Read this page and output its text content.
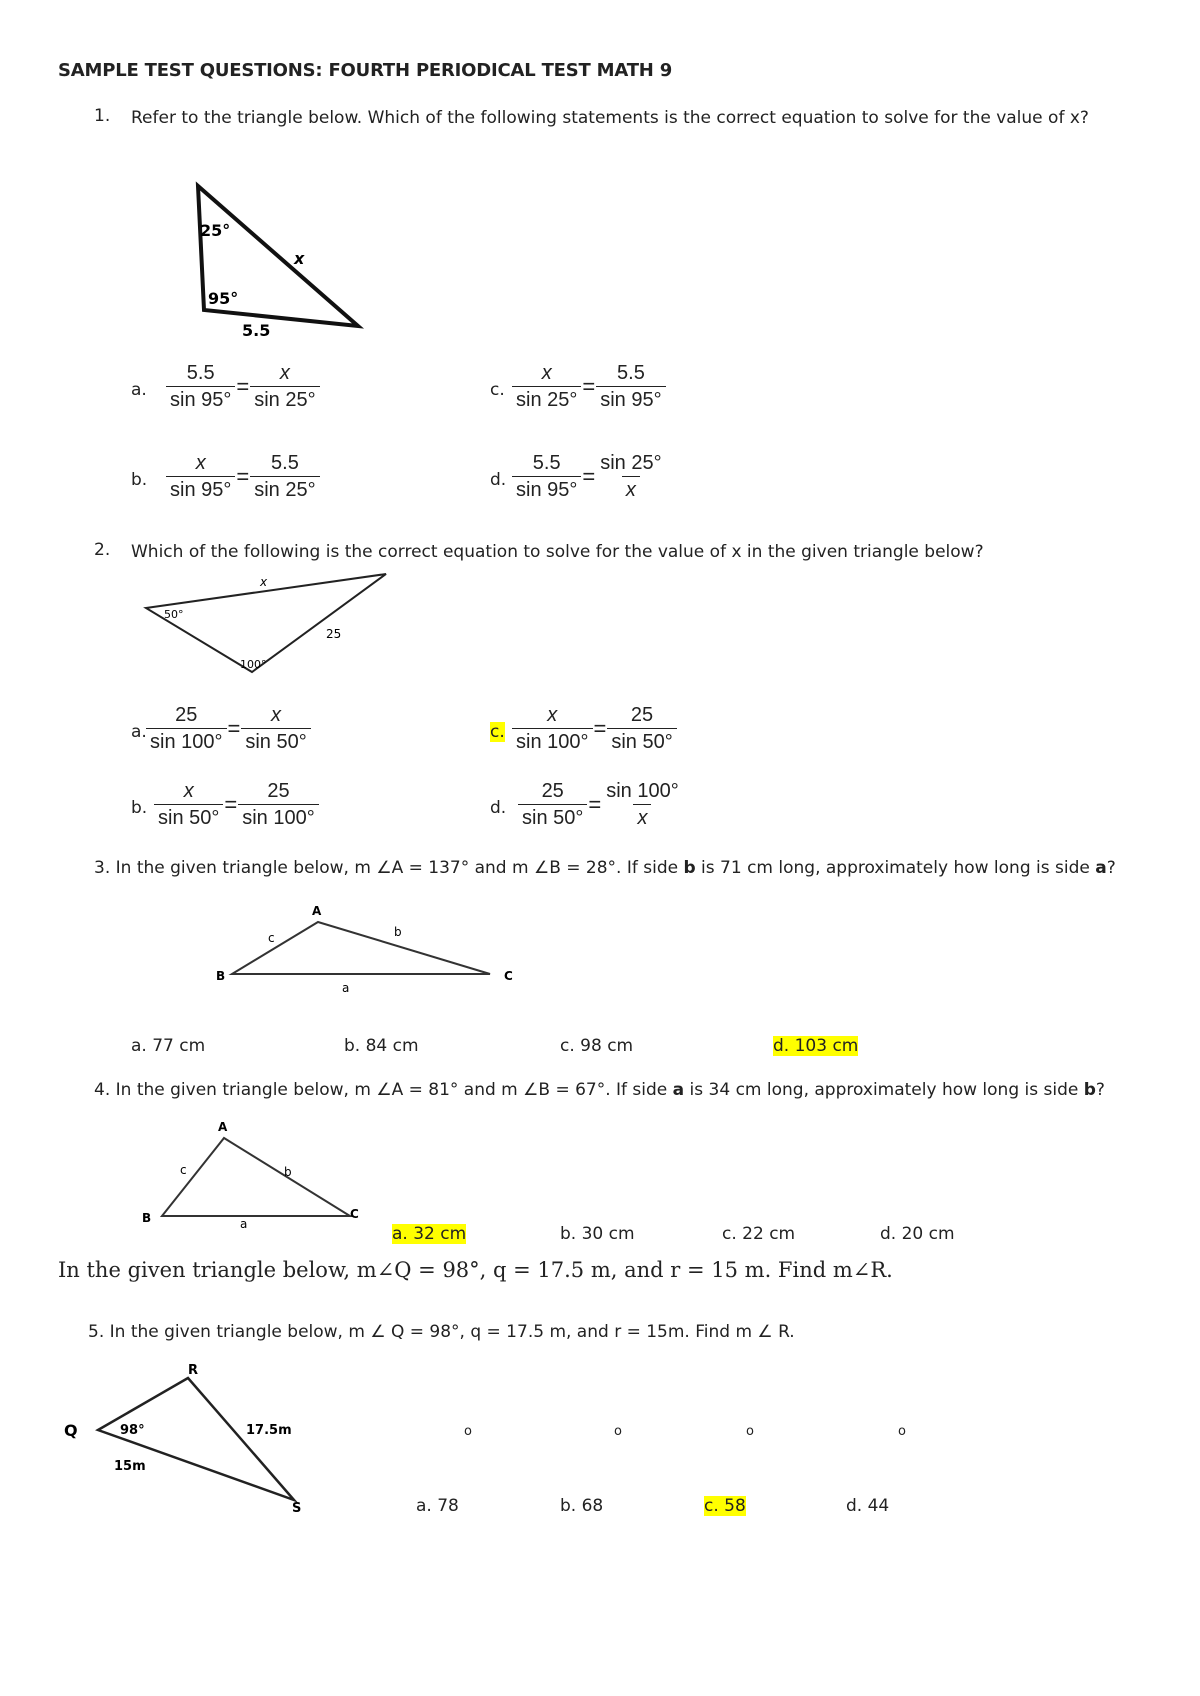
SAMPLE TEST QUESTIONS: FOURTH PERIODICAL TEST MATH 9
1. Refer to the triangle below. Which of the following statements is the correct equation to solve for the value of x?
25°
95°
x
5.5
a. $\frac{5.5}{\sin 95^\circ} = \frac{x}{\sin 25^\circ}$	c. $\frac{x}{\sin 25^\circ} = \frac{5.5}{\sin 95^\circ}$
b. $\frac{x}{\sin 95^\circ} = \frac{5.5}{\sin 25^\circ}$	d. $\frac{5.5}{\sin 95^\circ} = \frac{\sin 25^\circ}{x}$
2. Which of the following is the correct equation to solve for the value of x in the given triangle below?
x
50°
25
100°
a. $\frac{25}{\sin 100^\circ} = \frac{x}{\sin 50^\circ}$	c. $\frac{x}{\sin 100^\circ} = \frac{25}{\sin 50^\circ}$
b. $\frac{x}{\sin 50^\circ} = \frac{25}{\sin 100^\circ}$	d. $\frac{25}{\sin 50^\circ} = \frac{\sin 100^\circ}{x}$
3. In the given triangle below, m ∠A = 137° and m ∠B = 28°. If side b is 71 cm long, approximately how long is side a?
A
B	C
c	b
a
a. 77 cm	b. 84 cm	c. 98 cm	d. 103 cm
4. In the given triangle below, m ∠A = 81° and m ∠B = 67°. If side a is 34 cm long, approximately how long is side b?
A
B	C
c	b
a	a. 32 cm	b. 30 cm	c. 22 cm	d. 20 cm
In the given triangle below, m∠Q = 98°, q = 17.5 m, and r = 15 m. Find m∠R.
5. In the given triangle below, m ∠ Q = 98°, q = 17.5 m, and r = 15m. Find m ∠ R.
Q
R
S
98°	17.5m
15m
o	o	o	o
a. 78	b. 68	c. 58	d. 44
